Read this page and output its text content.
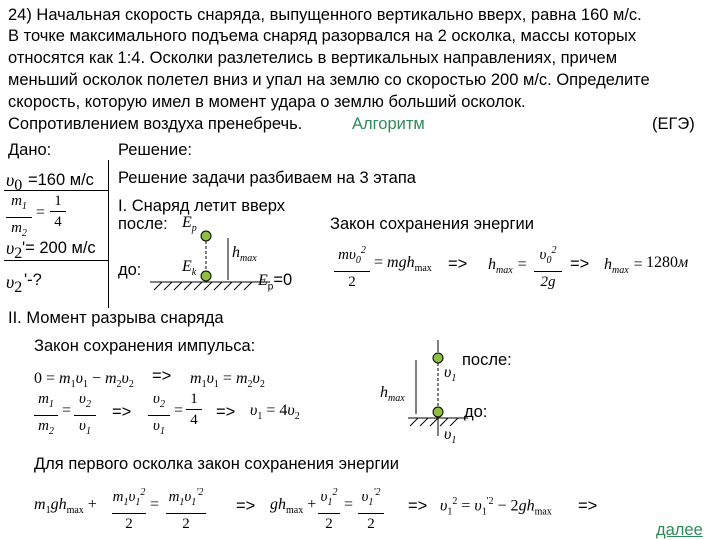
24) Начальная скорость снаряда, выпущенного вертикально вверх, равна 160 м/с.
В точке максимального подъема снаряд разорвался на 2 осколка, массы которых
относятся как 1:4. Осколки разлетелись в вертикальных направлениях, причем
меньший осколок полетел вниз и упал на землю со скоростью 200 м/с. Определите
скорость, которую имел в момент удара о землю больший осколок.
Сопротивлением воздуха пренебречь.	Алгоритм	(ЕГЭ)
Дано:	Решение:
$\upsilon_0 =160$ м/с
$m_1$
$m_2$
=
1
4
$\upsilon_2$ '= 200 м/с
$\upsilon_2$ '-?
Решение задачи разбиваем на 3 этапа
I. Снаряд летит вверх
после: $E_p$	Закон сохранения энергии
$h_{max}$
до:	$E_k$	$E_p=0$
$m\upsilon_0^2$
2
= $mgh_{max} => h_{max}$ =
$\upsilon_0^2$
2g
=> $h_{max} = 1280м$
II. Момент разрыва снаряда
Закон сохранения импульса:
после:
до:
$h_{max}$
$\upsilon_1$
$\upsilon_1$
$0 = m_1\upsilon_1 - m_2\upsilon_2 => m_1\upsilon_1 = m_2\upsilon_2$
$m_1$
$m_2$
=
$\upsilon_2$
$\upsilon_1$
=>
$\upsilon_2$
$\upsilon_1$
=
1
$4 => \upsilon_1 = 4\upsilon_2$
Для первого осколка закон сохранения энергии
$m_1gh_{max} + m_1\upsilon_1^2$
2
= $m_1\upsilon_1^{'2}$
2
=> $gh_{max} + \upsilon_1^2$
2
= $\upsilon_1^{'2}$
2
=> $\upsilon_1^2 = \upsilon_1^{'2} - 2gh_{max}$ =>
далее
